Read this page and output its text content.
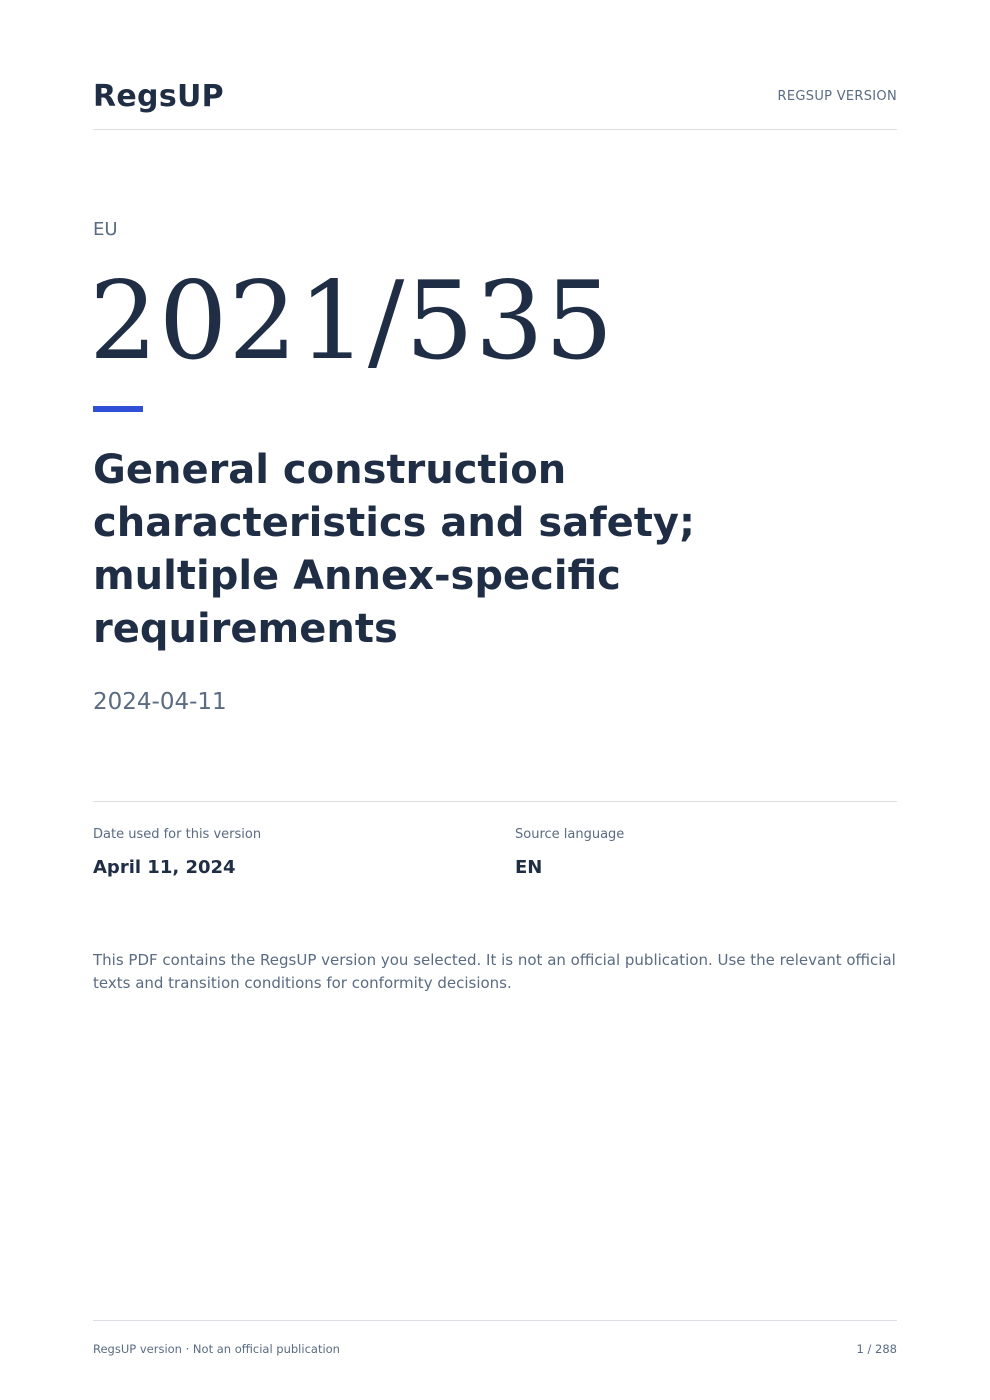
RegsUP	REGSUP VERSION
EU
2021/535
General construction characteristics and safety; multiple Annex-specific requirements
2024-04-11
Date used for this version
April 11, 2024
Source language
EN

This PDF contains the RegsUP version you selected. It is not an official publication. Use the relevant official texts and transition conditions for conformity decisions.

RegsUP version · Not an official publication	1 / 288
